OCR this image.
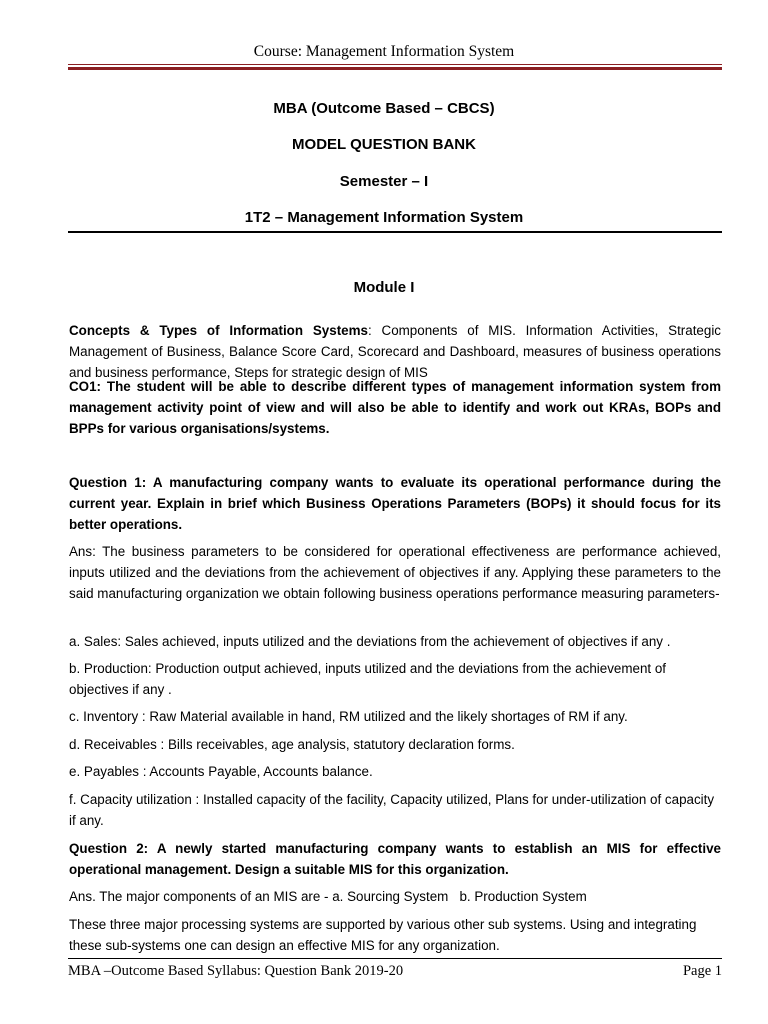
Course: Management Information System
MBA (Outcome Based – CBCS)
MODEL QUESTION BANK
Semester – I
1T2 – Management Information System
Module I

Concepts & Types of Information Systems: Components of MIS. Information Activities, Strategic Management of Business, Balance Score Card, Scorecard and Dashboard, measures of business operations and business performance, Steps for strategic design of MIS

CO1: The student will be able to describe different types of management information system from management activity point of view and will also be able to identify and work out KRAs, BOPs and BPPs for various organisations/systems.

Question 1: A manufacturing company wants to evaluate its operational performance during the current year. Explain in brief which Business Operations Parameters (BOPs) it should focus for its better operations.

Ans: The business parameters to be considered for operational effectiveness are performance achieved, inputs utilized and the deviations from the achievement of objectives if any. Applying these parameters to the said manufacturing organization we obtain following business operations performance measuring parameters-

a. Sales: Sales achieved, inputs utilized and the deviations from the achievement of objectives if any .

b. Production: Production output achieved, inputs utilized and the deviations from the achievement of objectives if any .

c. Inventory : Raw Material available in hand, RM utilized and the likely shortages of RM if any.

d. Receivables : Bills receivables, age analysis, statutory declaration forms.

e. Payables : Accounts Payable, Accounts balance.

f. Capacity utilization : Installed capacity of the facility, Capacity utilized, Plans for under-utilization of capacity if any.

Question 2: A newly started manufacturing company wants to establish an MIS for effective operational management. Design a suitable MIS for this organization.

Ans. The major components of an MIS are - a. Sourcing System   b. Production System

These three major processing systems are supported by various other sub systems. Using and integrating these sub-systems one can design an effective MIS for any organization.

MBA –Outcome Based Syllabus: Question Bank 2019-20	Page 1
